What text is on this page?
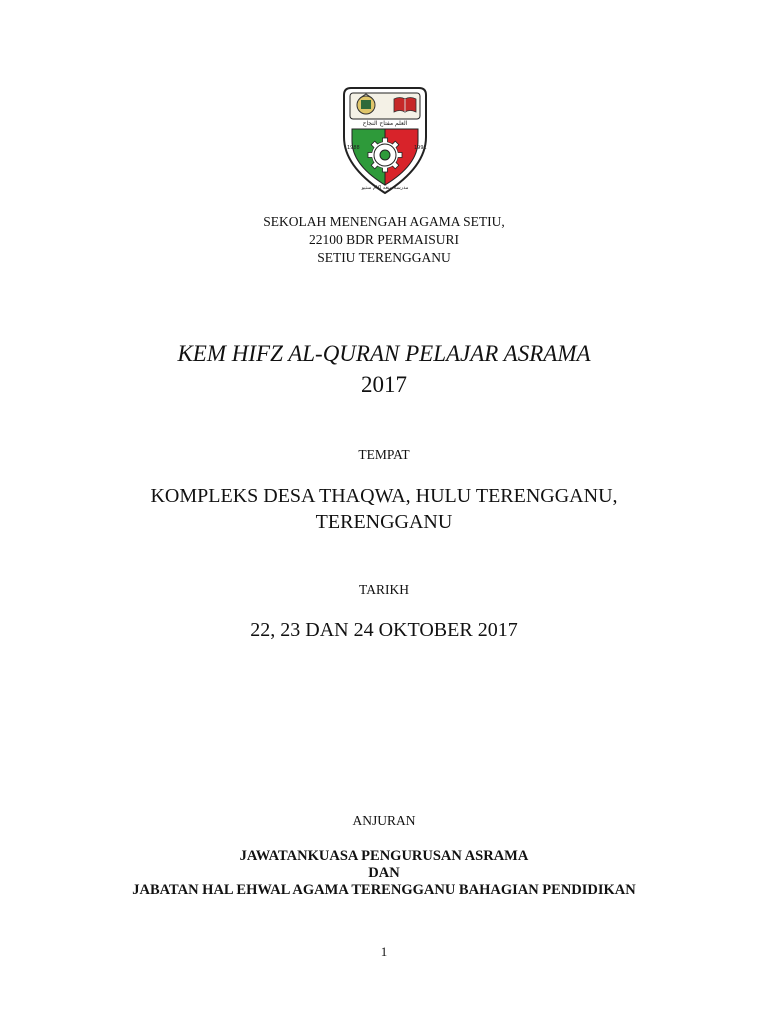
العلم مفتاح النجاح
1988	1991
مدرسة منڠه اڬام ستيو
SEKOLAH MENENGAH AGAMA SETIU,
22100 BDR PERMAISURI
SETIU TERENGGANU
KEM HIFZ AL-QURAN PELAJAR ASRAMA
2017
TEMPAT
KOMPLEKS DESA THAQWA, HULU TERENGGANU,
TERENGGANU
TARIKH
22, 23 DAN 24 OKTOBER 2017
ANJURAN
JAWATANKUASA PENGURUSAN ASRAMA
DAN
JABATAN HAL EHWAL AGAMA TERENGGANU BAHAGIAN PENDIDIKAN
1
